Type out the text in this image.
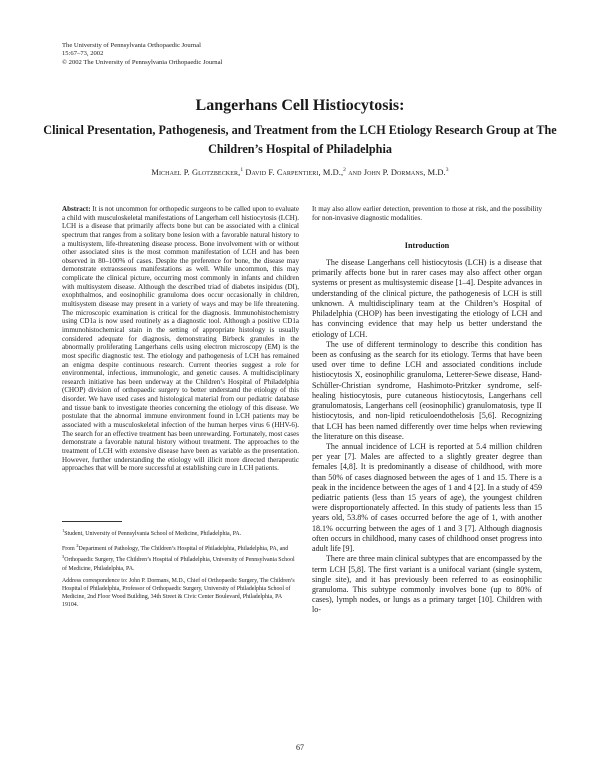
The University of Pennsylvania Orthopaedic Journal
15:67–73, 2002
© 2002 The University of Pennsylvania Orthopaedic Journal
Langerhans Cell Histiocytosis:
Clinical Presentation, Pathogenesis, and Treatment from the LCH Etiology Research Group at The Children’s Hospital of Philadelphia
Michael P. Glotzbecker,$^1$ David F. Carpentieri, M.D.,$^2$ and John P. Dormans, M.D.$^3$

Abstract: It is not uncommon for orthopedic surgeons to be called upon to evaluate a child with musculoskeletal manifestations of Langerham cell histiocytosis (LCH). LCH is a disease that primarily affects bone but can be associated with a clinical spectrum that ranges from a solitary bone lesion with a favorable natural history to a multisystem, life-threatening disease process. Bone involvement with or without other associated sites is the most common manifestation of LCH and has been observed in 80–100% of cases. Despite the preference for bone, the disease may demonstrate extraosseous manifestations as well. While uncommon, this may complicate the clinical picture, occurring most commonly in infants and children with multisystem disease. Although the described triad of diabetes insipidus (DI), exophthalmos, and eosinophilic granuloma does occur occasionally in children, multisystem disease may present in a variety of ways and may be life threatening. The microscopic examination is critical for the diagnosis. Immunohistochemistry using CD1a is now used routinely as a diagnostic tool. Although a positive CD1a immunohistochemical stain in the setting of appropriate histology is usually considered adequate for diagnosis, demonstrating Birbeck granules in the abnormally proliferating Langerhans cells using electron microscopy (EM) is the most specific diagnostic test. The etiology and pathogenesis of LCH has remained an enigma despite continuous research. Current theories suggest a role for environmental, infectious, immunologic, and genetic causes. A multidisciplinary research initiative has been underway at the Children’s Hospital of Philadelphia (CHOP) division of orthopaedic surgery to better understand the etiology of this disorder. We have used cases and histological material from our pediatric database and tissue bank to investigate theories concerning the etiology of this disease. We postulate that the abnormal immune environment found in LCH patients may be associated with a musculoskeletal infection of the human herpes virus 6 (HHV-6). The search for an effective treatment has been unrewarding. Fortunately, most cases demonstrate a favorable natural history without treatment. The approaches to the treatment of LCH with extensive disease have been as variable as the presentation. However, further understanding the etiology will illicit more directed therapeutic approaches that will be more successful at establishing cure in LCH patients.

It may also allow earlier detection, prevention to those at risk, and the possibility for non-invasive diagnostic modalities.

Introduction

The disease Langerhans cell histiocytosis (LCH) is a disease that primarily affects bone but in rarer cases may also affect other organ systems or present as multisystemic disease [1–4]. Despite advances in understanding of the clinical picture, the pathogenesis of LCH is still unknown. A multidisciplinary team at the Children’s Hospital of Philadelphia (CHOP) has been investigating the etiology of LCH and has convincing evidence that may help us better understand the etiology of LCH.

The use of different terminology to describe this condition has been as confusing as the search for its etiology. Terms that have been used over time to define LCH and associated conditions include histiocytosis X, eosinophilic granuloma, Letterer-Sewe disease, Hand-Schüller-Christian syndrome, Hashimoto-Pritzker syndrome, self-healing histiocytosis, pure cutaneous histiocytosis, Langerhans cell granulomatosis, Langerhans cell (eosinophilic) granulomatosis, type II histiocytosis, and non-lipid reticuloendothelosis [5,6]. Recognizing that LCH has been named differently over time helps when reviewing the literature on this disease.

The annual incidence of LCH is reported at 5.4 million children per year [7]. Males are affected to a slightly greater degree than females [4,8]. It is predominantly a disease of childhood, with more than 50% of cases diagnosed between the ages of 1 and 15. There is a peak in the incidence between the ages of 1 and 4 [2]. In a study of 459 pediatric patients (less than 15 years of age), the youngest children were disproportionately affected. In this study of patients less than 15 years old, 53.8% of cases occurred before the age of 1, with another 18.1% occurring between the ages of 1 and 3 [7]. Although diagnosis often occurs in childhood, many cases of childhood onset progress into adult life [9].

There are three main clinical subtypes that are encompassed by the term LCH [5,8]. The first variant is a unifocal variant (single system, single site), and it has previously been referred to as eosinophilic granuloma. This subtype commonly involves bone (up to 80% of cases), lymph nodes, or lungs as a primary target [10]. Children with lo-

$^1$Student, University of Pennsylvania School of Medicine, Philadelphia, PA.

From $^2$Department of Pathology, The Children’s Hospital of Philadelphia, Philadelphia, PA, and $^3$Orthopaedic Surgery, The Children’s Hospital of Philadelphia, University of Pennsylvania School of Medicine, Philadelphia, PA.

Address correspondence to: John P. Dormans, M.D., Chief of Orthopaedic Surgery, The Children’s Hospital of Philadelphia, Professor of Orthopaedic Surgery, University of Philadelphia School of Medicine, 2nd Floor Wood Building, 34th Street & Civic Center Boulevard, Philadelphia, PA 19104.

67
